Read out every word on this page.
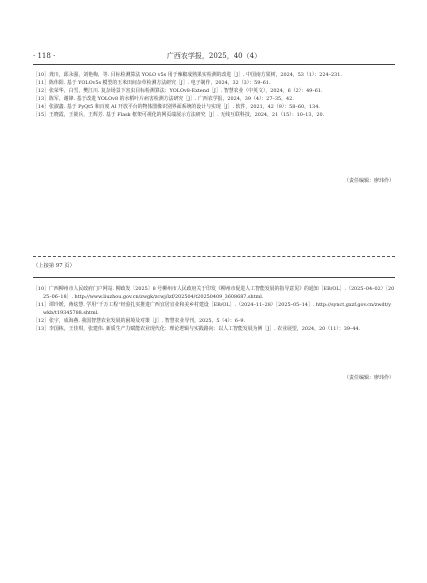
· 118 ·	广西农学报，2025，40（4）
［10］龚川，邱永强，刘艳梅，等. 目标检测算法 YOLO v5s 用于辣椒成熟果实检测的改进［J］. 中国南方果树，2024，53（1）：224–231.
［11］陈伟阳. 基于 YOLOv5s 模型的玉米田间杂草检测方法研究［J］. 电子制作，2024，32（3）：59–61.
［12］张荣华，白雪，樊江川. 复杂场景下害虫目标检测算法：YOLOv8-Extend［J］. 智慧农业（中英文），2024，6（2）：49–61.
［13］陈军，谢锋. 基于改进 YOLOv8 的水稻叶片病害检测方法研究［J］. 广西农学报，2024，39（4）：27–35，42.
［14］张淑鑫. 基于 PyQt5 和百度 AI 开放平台的物体图像识别界面系统的设计与实现［J］. 软件，2021，42（9）：58–60，134.
［15］王晓霞，王筱兵，王辉芳. 基于 Flask 框架可视化的网页端展示方法研究［J］. 无线互联科技，2024，21（15）：10–13，20.
（责任编辑：廖玮伶）
（上接第 97 页）
［10］广西柳州市人民政府门户网站. 柳政发〔2025〕8 号柳州市人民政府关于印发《柳州市促进人工智能发展的指导意见》的通知［EB/OL］.（2025–04–02）［2025–06–18］. http://www.liuzhou.gov.cn/zwgk/zcwj/lzf/202504/t20250409_3608687.shtml.
［11］谭玲媛，蒋炫慧. 学用“千万工程”经验扎实推进广西宜居宜业和美乡村建设［EB/OL］.（2024–11–28）［2025–05–14］. http://synct.gxzf.gov.cn/zwdt/ywkb/t19345788.shtml.
［12］张宇，成海燕. 我国智慧农业发展的困境及对策［J］. 智慧农业导刊，2025，5（4）：6–9.
［13］李国栋，王佳琪，张建伟. 新质生产力赋能农业现代化：理论逻辑与实践路向：以人工智能发展为例［J］. 农业展望，2024，20（11）：39–44.
（责任编辑：廖玮伶）
